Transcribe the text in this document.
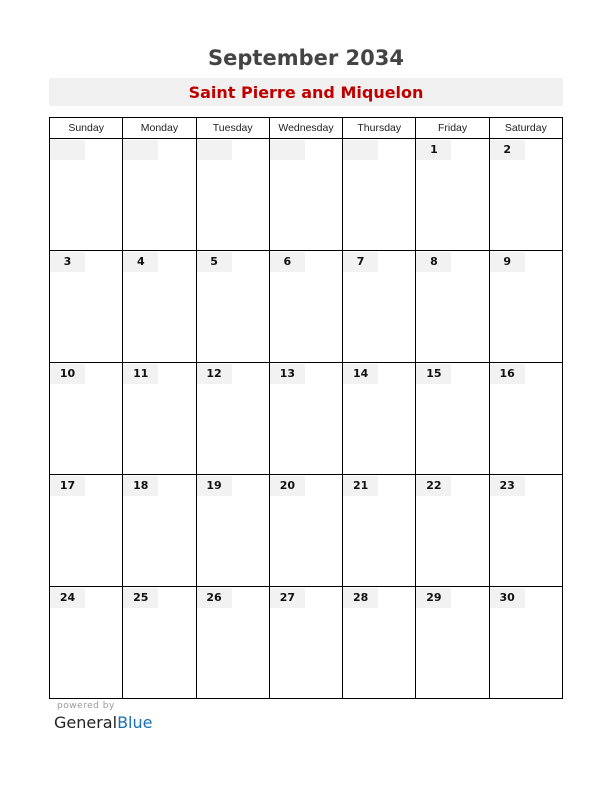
September 2034
Saint Pierre and Miquelon
Sunday	Monday	Tuesday	Wednesday	Thursday	Friday	Saturday

					1	2

3	4	5	6	7	8	9

10	11	12	13	14	15	16

17	18	19	20	21	22	23

24	25	26	27	28	29	30
powered by
GeneralBlue
